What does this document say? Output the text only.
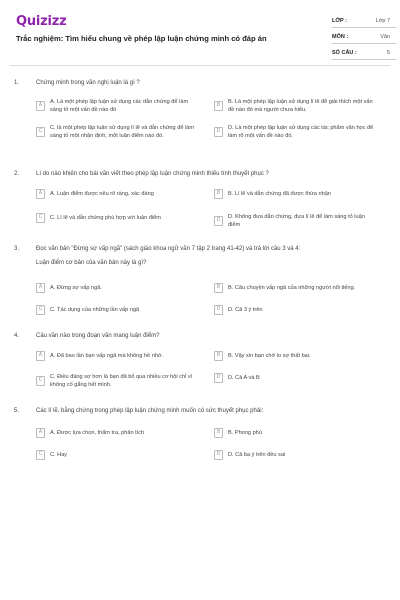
Quizizz
Trắc nghiệm: Tìm hiểu chung về phép lập luận chứng minh có đáp án
LỚP :	Lớp 7
MÔN :	Văn
SỐ CÂU :	5
1.	Chứng minh trong văn nghị luận là gì ?
A
A. Là một phép lập luận sử dụng các dẫn chứng để làm sáng tỏ một vấn đề nào đó
B
B. Là một phép lập luận sử dụng lí lẽ để giải thích một vấn đề nào đó mà người chưa hiểu.
C
C. là một phép lập luận sử dụng lí lẽ và dẫn chứng để làm sáng tỏ một nhận định, một luận điểm nào đó.
D
D. Là một phép lập luận sử dụng các tác phẩm văn học để làm rõ một vấn đề nào đó.
2.	Lí do nào khiến cho bài văn viết theo phép lập luận chứng minh thiếu tính thuyết phục ?
A	A. Luận điểm được nêu rõ ràng, xác đáng	B	B. Lí lẽ và dẫn chứng đã được thừa nhận
C	C. Lí lẽ và dẫn chứng phù hợp với luận điểm	D
D. Không đưa dẫn chứng, đưa lí lẽ để làm sáng tỏ luận điểm
3.	Đọc văn bản "Đừng sợ vấp ngã" (sách giáo khoa ngữ văn 7 tập 2 trang 41-42) và trả lời câu 3 và 4:
Luận điểm cơ bản của văn bản này là gì?
A	A. Đừng sợ vấp ngã.	B	B. Câu chuyện vấp ngã của những người nổi tiếng.
C	C. Tác dụng của những lần vấp ngã	D	D. Cả 3 ý trên
4.	Câu văn nào trong đoạn văn mang luận điểm?
A	A. Đã bao lần bạn vấp ngã mà không hề nhớ.	B	B. Vậy xin bạn chớ lo sợ thất bại.
C
C. Điều đáng sợ hơn là bạn đã bỏ qua nhiều cơ hội chỉ vì không cố gắng hết mình.
D	D. Cả A và B
5.	Các lí lẽ, bằng chứng trong phép lập luận chứng minh muốn có sức thuyết phục phải:
A	A. Được lựa chọn, thẩm tra, phân tích	B	B. Phong phú
C	C. Hay	D	D. Cả ba ý trên đều sai
